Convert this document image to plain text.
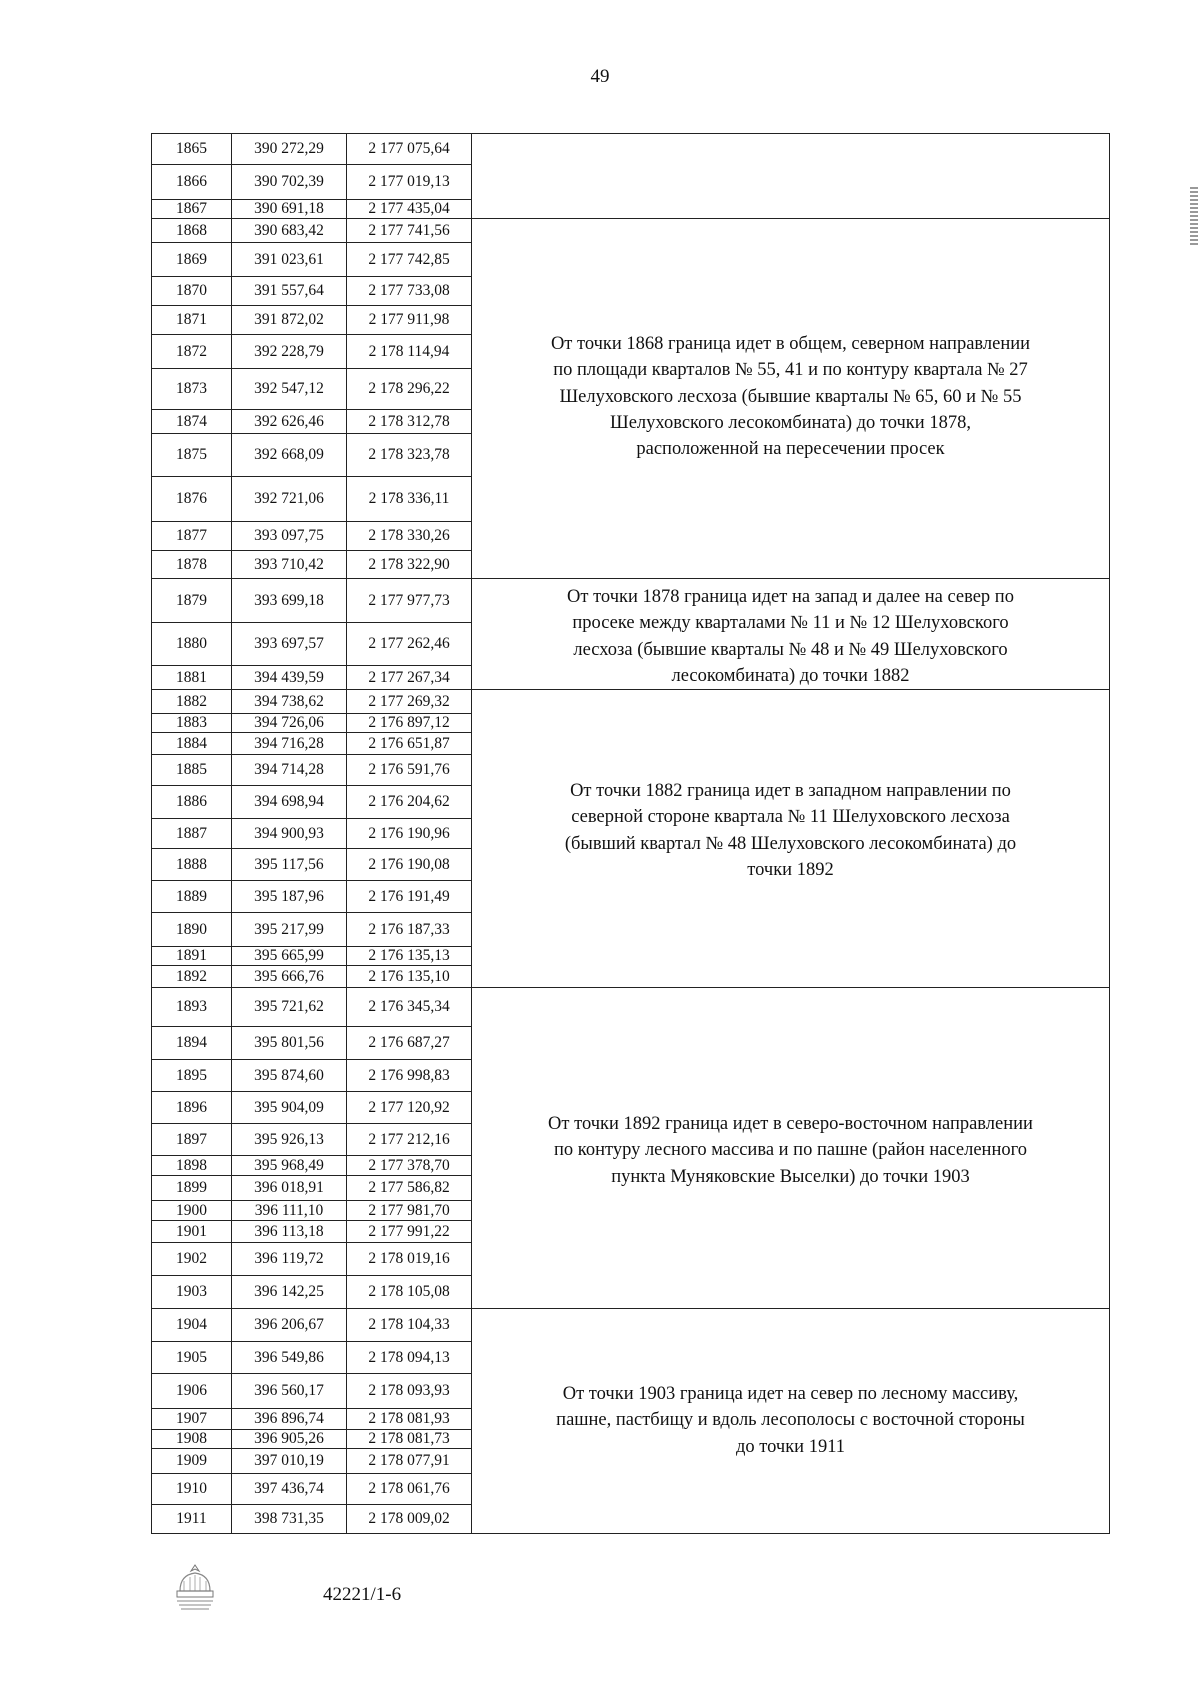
49
1865	390 272,29	2 177 075,64	
1866	390 702,39	2 177 019,13	
1867	390 691,18	2 177 435,04	
1868	390 683,42	2 177 741,56	От точки 1868 граница идет в общем, северном направлении
по площади кварталов № 55, 41 и по контуру квартала № 27
Шелуховского лесхоза (бывшие кварталы № 65, 60 и № 55
Шелуховского лесокомбината) до точки 1878,
расположенной на пересечении просек

1869	391 023,61	2 177 742,85	
1870	391 557,64	2 177 733,08	
1871	391 872,02	2 177 911,98	
1872	392 228,79	2 178 114,94	
1873	392 547,12	2 178 296,22	
1874	392 626,46	2 178 312,78	
1875	392 668,09	2 178 323,78	
1876	392 721,06	2 178 336,11	
1877	393 097,75	2 178 330,26	
1878	393 710,42	2 178 322,90	
1879	393 699,18	2 177 977,73	От точки 1878 граница идет на запад и далее на север по
просеке между кварталами № 11 и № 12 Шелуховского
лесхоза (бывшие кварталы № 48 и № 49 Шелуховского
лесокомбината) до точки 1882

1880	393 697,57	2 177 262,46	
1881	394 439,59	2 177 267,34	
1882	394 738,62	2 177 269,32	От точки 1882 граница идет в западном направлении по
северной стороне квартала № 11 Шелуховского лесхоза
(бывший квартал № 48 Шелуховского лесокомбината) до
точки 1892

1883	394 726,06	2 176 897,12	
1884	394 716,28	2 176 651,87	
1885	394 714,28	2 176 591,76	
1886	394 698,94	2 176 204,62	
1887	394 900,93	2 176 190,96	
1888	395 117,56	2 176 190,08	
1889	395 187,96	2 176 191,49	
1890	395 217,99	2 176 187,33	
1891	395 665,99	2 176 135,13	
1892	395 666,76	2 176 135,10	
1893	395 721,62	2 176 345,34	От точки 1892 граница идет в северо-восточном направлении
по контуру лесного массива и по пашне (район населенного
пункта Муняковские Выселки) до точки 1903

1894	395 801,56	2 176 687,27	
1895	395 874,60	2 176 998,83	
1896	395 904,09	2 177 120,92	
1897	395 926,13	2 177 212,16	
1898	395 968,49	2 177 378,70	
1899	396 018,91	2 177 586,82	
1900	396 111,10	2 177 981,70	
1901	396 113,18	2 177 991,22	
1902	396 119,72	2 178 019,16	
1903	396 142,25	2 178 105,08	
1904	396 206,67	2 178 104,33	От точки 1903 граница идет на север по лесному массиву,
пашне, пастбищу и вдоль лесополосы с восточной стороны
до точки 1911

1905	396 549,86	2 178 094,13	
1906	396 560,17	2 178 093,93	
1907	396 896,74	2 178 081,93	
1908	396 905,26	2 178 081,73	
1909	397 010,19	2 178 077,91	
1910	397 436,74	2 178 061,76	
1911	398 731,35	2 178 009,02	
42221/1-6
